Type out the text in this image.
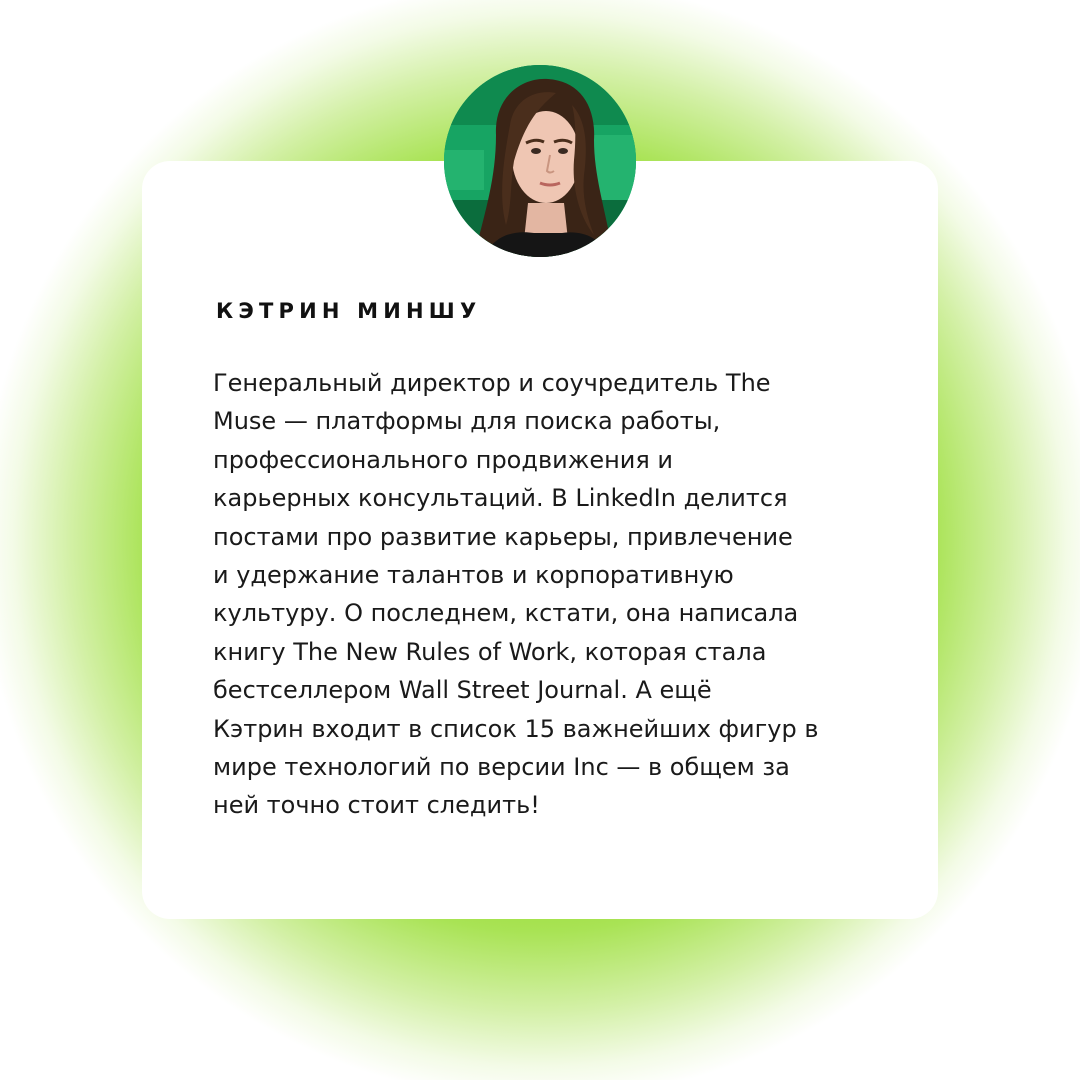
КЭТРИН МИНШУ

Генеральный директор и соучредитель The
Muse — платформы для поиска работы,
профессионального продвижения и
карьерных консультаций. В LinkedIn делится
постами про развитие карьеры, привлечение
и удержание талантов и корпоративную
культуру. О последнем, кстати, она написала
книгу The New Rules of Work, которая стала
бестселлером Wall Street Journal. А ещё
Кэтрин входит в список 15 важнейших фигур в
мире технологий по версии Inc — в общем за
ней точно стоит следить!
